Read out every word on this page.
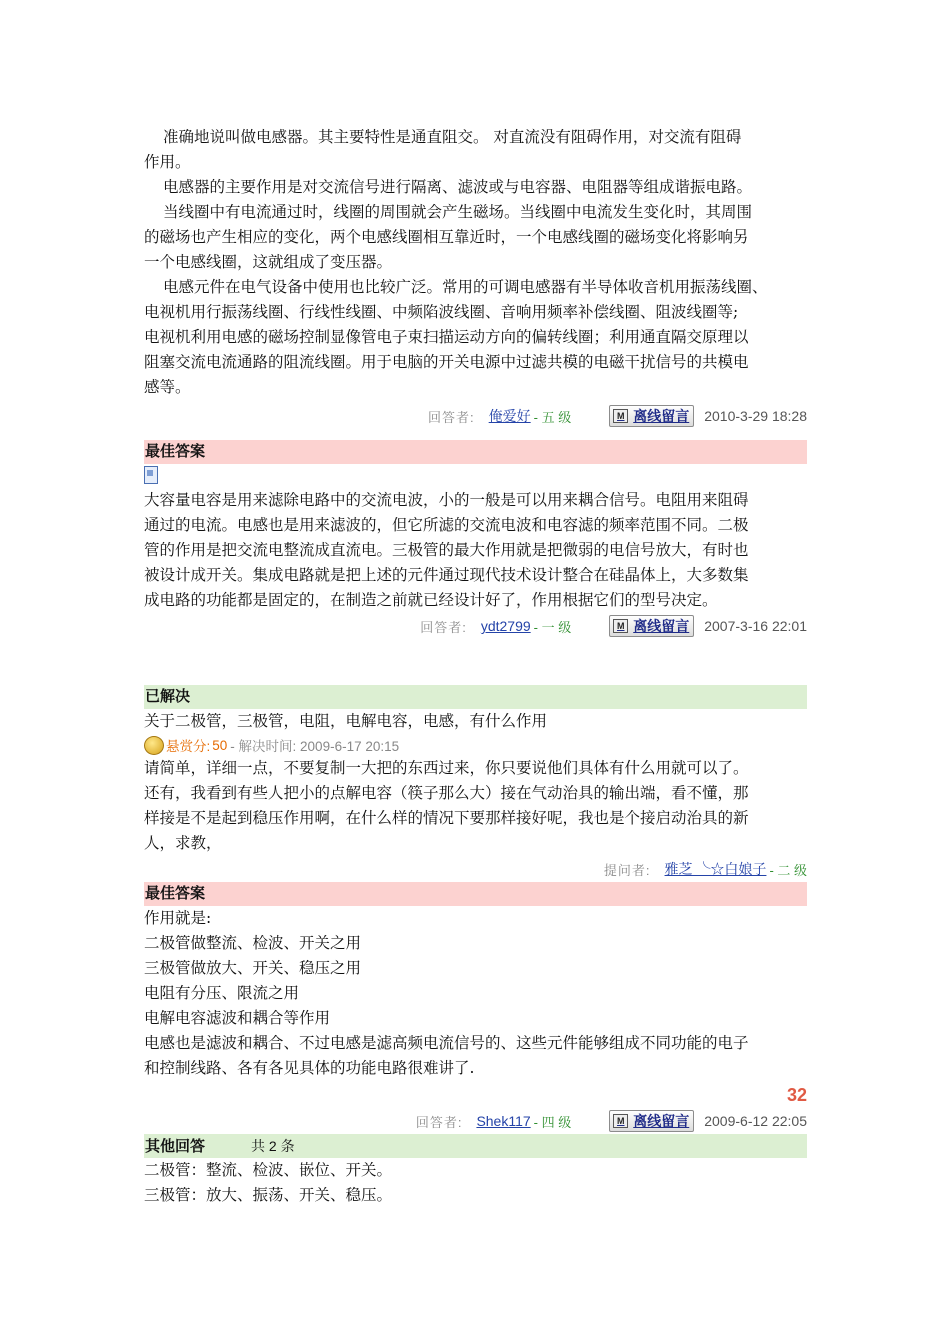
准确地说叫做电感器。其主要特性是通直阻交。 对直流没有阻碍作用，对交流有阻碍

作用。

电感器的主要作用是对交流信号进行隔离、滤波或与电容器、电阻器等组成谐振电路。

当线圈中有电流通过时，线圈的周围就会产生磁场。当线圈中电流发生变化时，其周围

的磁场也产生相应的变化，两个电感线圈相互靠近时，一个电感线圈的磁场变化将影响另

一个电感线圈，这就组成了变压器。

电感元件在电气设备中使用也比较广泛。常用的可调电感器有半导体收音机用振荡线圈、

电视机用行振荡线圈、行线性线圈、中频陷波线圈、音响用频率补偿线圈、阻波线圈等;

电视机利用电感的磁场控制显像管电子束扫描运动方向的偏转线圈；利用通直隔交原理以

阻塞交流电流通路的阻流线圈。用于电脑的开关电源中过滤共模的电磁干扰信号的共模电

感等。

回答者: 俺爱好 - 五 级	M 离线留言 2010-3-29 18:28
最佳答案

大容量电容是用来滤除电路中的交流电波，小的一般是可以用来耦合信号。电阻用来阻碍

通过的电流。电感也是用来滤波的，但它所滤的交流电波和电容滤的频率范围不同。二极

管的作用是把交流电整流成直流电。三极管的最大作用就是把微弱的电信号放大，有时也

被设计成开关。集成电路就是把上述的元件通过现代技术设计整合在硅晶体上，大多数集

成电路的功能都是固定的，在制造之前就已经设计好了，作用根据它们的型号决定。

回答者: ydt2799 - 一 级	M 离线留言 2007-3-16 22:01
已解决

关于二极管，三极管，电阻，电解电容，电感，有什么作用

悬赏分: 50 - 解决时间: 2009-6-17 20:15

请简单，详细一点，不要复制一大把的东西过来，你只要说他们具体有什么用就可以了。

还有，我看到有些人把小的点解电容（筷子那么大）接在气动治具的输出端，看不懂，那

样接是不是起到稳压作用啊，在什么样的情况下要那样接好呢，我也是个接启动治具的新

人，求教，

提问者: 雅芝 ╰☆白娘子 - 二 级
最佳答案

作用就是:

二极管做整流、检波、开关之用

三极管做放大、开关、稳压之用

电阻有分压、限流之用

电解电容滤波和耦合等作用

电感也是滤波和耦合、不过电感是滤高频电流信号的、这些元件能够组成不同功能的电子

和控制线路、各有各见具体的功能电路很难讲了.

32
回答者: Shek117 - 四 级	M 离线留言 2009-6-12 22:05
其他回答	共 2 条

二极管：整流、检波、嵌位、开关。

三极管：放大、振荡、开关、稳压。
